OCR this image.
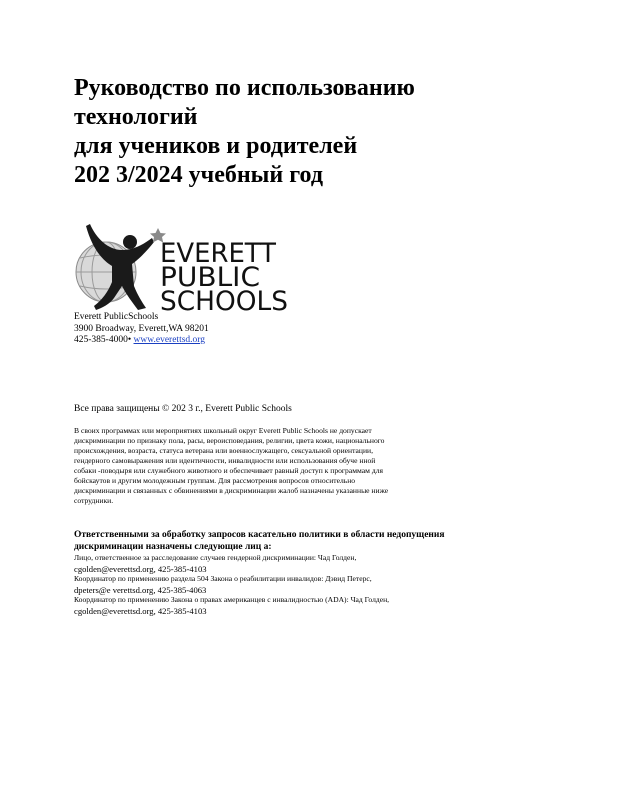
Руководство по использованию
технологий
для учеников и родителей
202 3/2024 учебный год
EVERETT
PUBLIC
SCHOOLS
Everett PublicSchools
3900 Broadway, Everett,WA 98201
425-385-4000• www.everettsd.org
Все права защищены © 202 3 г., Everett Public Schools
В своих программах или мероприятиях школьный округ Everett Public Schools не допускает
дискриминации по признаку пола, расы, вероисповедания, религии, цвета кожи, национального
происхождения, возраста, статуса ветерана или военнослужащего, сексуальной ориентации,
гендерного самовыражения или идентичности, инвалидности или использования обуче нной
собаки -поводыря или служебного животного и обеспечивает равный доступ к программам для
бойскаутов и другим молодежным группам. Для рассмотрения вопросов относительно
дискриминации и связанных с обвинениями в дискриминации жалоб назначены указанные ниже
сотрудники.
Ответственными за обработку запросов касательно политики в области недопущения
дискриминации назначены следующие лиц а:
Лицо, ответственное за расследование случаев гендерной дискриминации: Чад Голден,
cgolden@everettsd.org, 425-385-4103
Координатор по применению раздела 504 Закона о реабилитации инвалидов: Дэвид Петерс,
dpeters@e verettsd.org, 425-385-4063
Координатор по применению Закона о правах американцев с инвалидностью (ADA): Чад Голден,
cgolden@everettsd.org, 425-385-4103
